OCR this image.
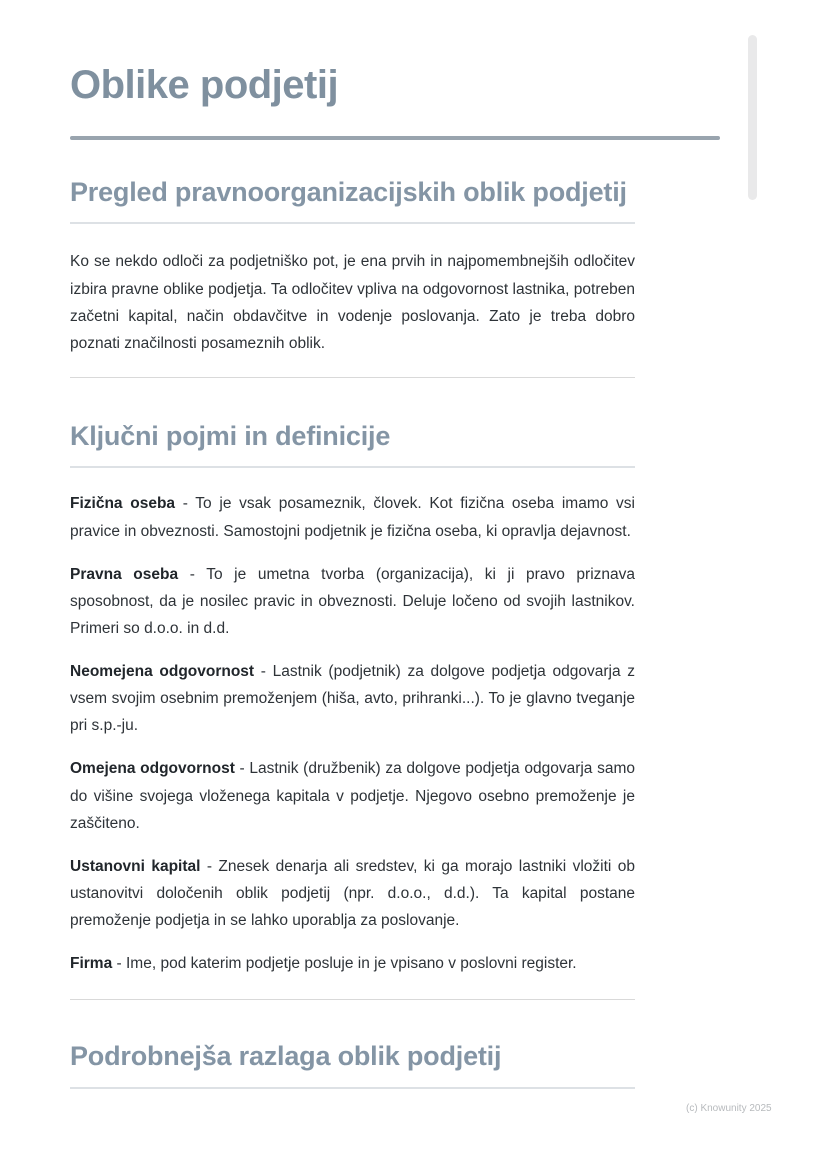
Oblike podjetij
Pregled pravnoorganizacijskih oblik podjetij

Ko se nekdo odloči za podjetniško pot, je ena prvih in najpomembnejših odločitev izbira pravne oblike podjetja. Ta odločitev vpliva na odgovornost lastnika, potreben začetni kapital, način obdavčitve in vodenje poslovanja. Zato je treba dobro poznati značilnosti posameznih oblik.

Ključni pojmi in definicije

Fizična oseba - To je vsak posameznik, človek. Kot fizična oseba imamo vsi pravice in obveznosti. Samostojni podjetnik je fizična oseba, ki opravlja dejavnost.

Pravna oseba - To je umetna tvorba (organizacija), ki ji pravo priznava sposobnost, da je nosilec pravic in obveznosti. Deluje ločeno od svojih lastnikov. Primeri so d.o.o. in d.d.

Neomejena odgovornost - Lastnik (podjetnik) za dolgove podjetja odgovarja z vsem svojim osebnim premoženjem (hiša, avto, prihranki...). To je glavno tveganje pri s.p.-ju.

Omejena odgovornost - Lastnik (družbenik) za dolgove podjetja odgovarja samo do višine svojega vloženega kapitala v podjetje. Njegovo osebno premoženje je zaščiteno.

Ustanovni kapital - Znesek denarja ali sredstev, ki ga morajo lastniki vložiti ob ustanovitvi določenih oblik podjetij (npr. d.o.o., d.d.). Ta kapital postane premoženje podjetja in se lahko uporablja za poslovanje.

Firma - Ime, pod katerim podjetje posluje in je vpisano v poslovni register.

Podrobnejša razlaga oblik podjetij
(c) Knowunity 2025
